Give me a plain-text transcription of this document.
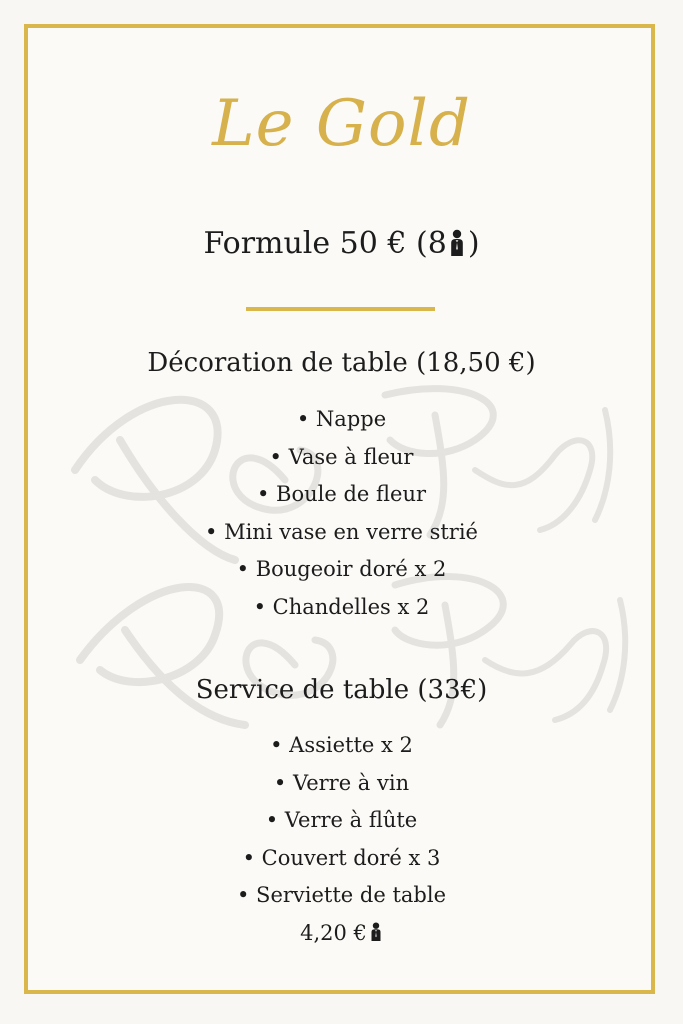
Le Gold
Formule 50 € (8 )
Décoration de table (18,50 €)
• Nappe
• Vase à fleur
• Boule de fleur
• Mini vase en verre strié
• Bougeoir doré x 2
• Chandelles x 2
Service de table (33€)
• Assiette x 2
• Verre à vin
• Verre à flûte
• Couvert doré x 3
• Serviette de table
4,20 €
